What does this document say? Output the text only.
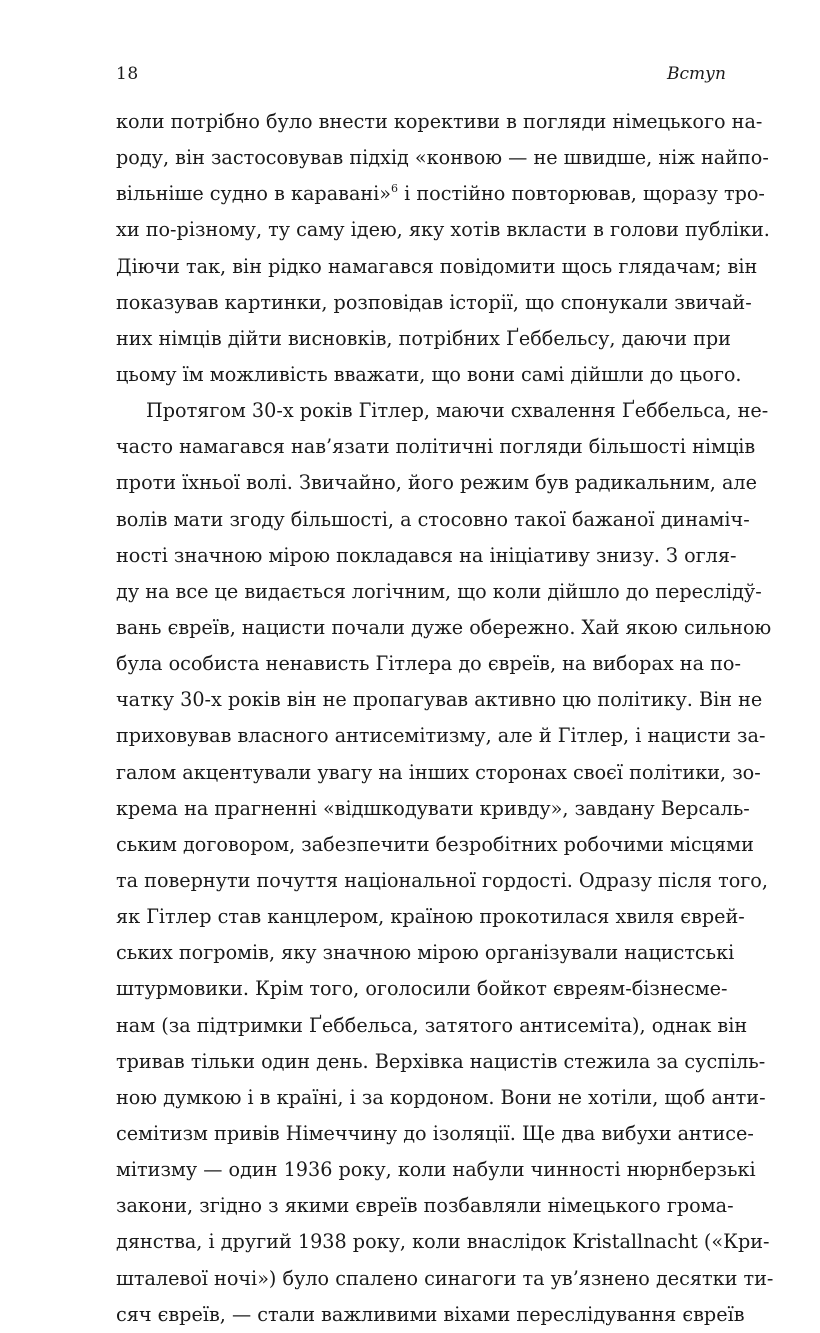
18	Вступ
коли потрібно було внести корективи в погляди німецького на-
роду, він застосовував підхід «конвою — не швидше, ніж найпо-
вільніше судно в каравані»$^6$ і постійно повторював, щоразу тро-
хи по-різному, ту саму ідею, яку хотів вкласти в голови публіки.
Діючи так, він рідко намагався повідомити щось глядачам; він
показував картинки, розповідав історії, що спонукали звичай-
них німців дійти висновків, потрібних Ґеббельсу, даючи при
цьому їм можливість вважати, що вони самі дійшли до цього.
Протягом 30-х років Гітлер, маючи схвалення Ґеббельса, не-
часто намагався нав’язати політичні погляди більшості німців
проти їхньої волі. Звичайно, його режим був радикальним, але
волів мати згоду більшості, а стосовно такої бажаної динаміч-
ності значною мірою покладався на ініціативу знизу. З огля-
ду на все це видається логічним, що коли дійшло до переслідў-
вань євреїв, нацисти почали дуже обережно. Хай якою сильною
була особиста ненависть Гітлера до євреїв, на виборах на по-
чатку 30-х років він не пропагував активно цю політику. Він не
приховував власного антисемітизму, але й Гітлер, і нацисти за-
галом акцентували увагу на інших сторонах своєї політики, зо-
крема на прагненні «відшкодувати кривду», завдану Версаль-
ським договором, забезпечити безробітних робочими місцями
та повернути почуття національної гордості. Одразу після того,
як Гітлер став канцлером, країною прокотилася хвиля єврей-
ських погромів, яку значною мірою організували нацистські
штурмовики. Крім того, оголосили бойкот євреям-бізнесме-
нам (за підтримки Ґеббельса, затятого антисеміта), однак він
тривав тільки один день. Верхівка нацистів стежила за суспіль-
ною думкою і в країні, і за кордоном. Вони не хотіли, щоб анти-
семітизм привів Німеччину до ізоляції. Ще два вибухи антисе-
мітизму — один 1936 року, коли набули чинності нюрнберзькі
закони, згідно з якими євреїв позбавляли німецького грома-
дянства, і другий 1938 року, коли внаслідок Kristallnacht («Кри-
шталевої ночі») було спалено синагоги та ув’язнено десятки ти-
сяч євреїв, — стали важливими віхами переслідування євреїв
